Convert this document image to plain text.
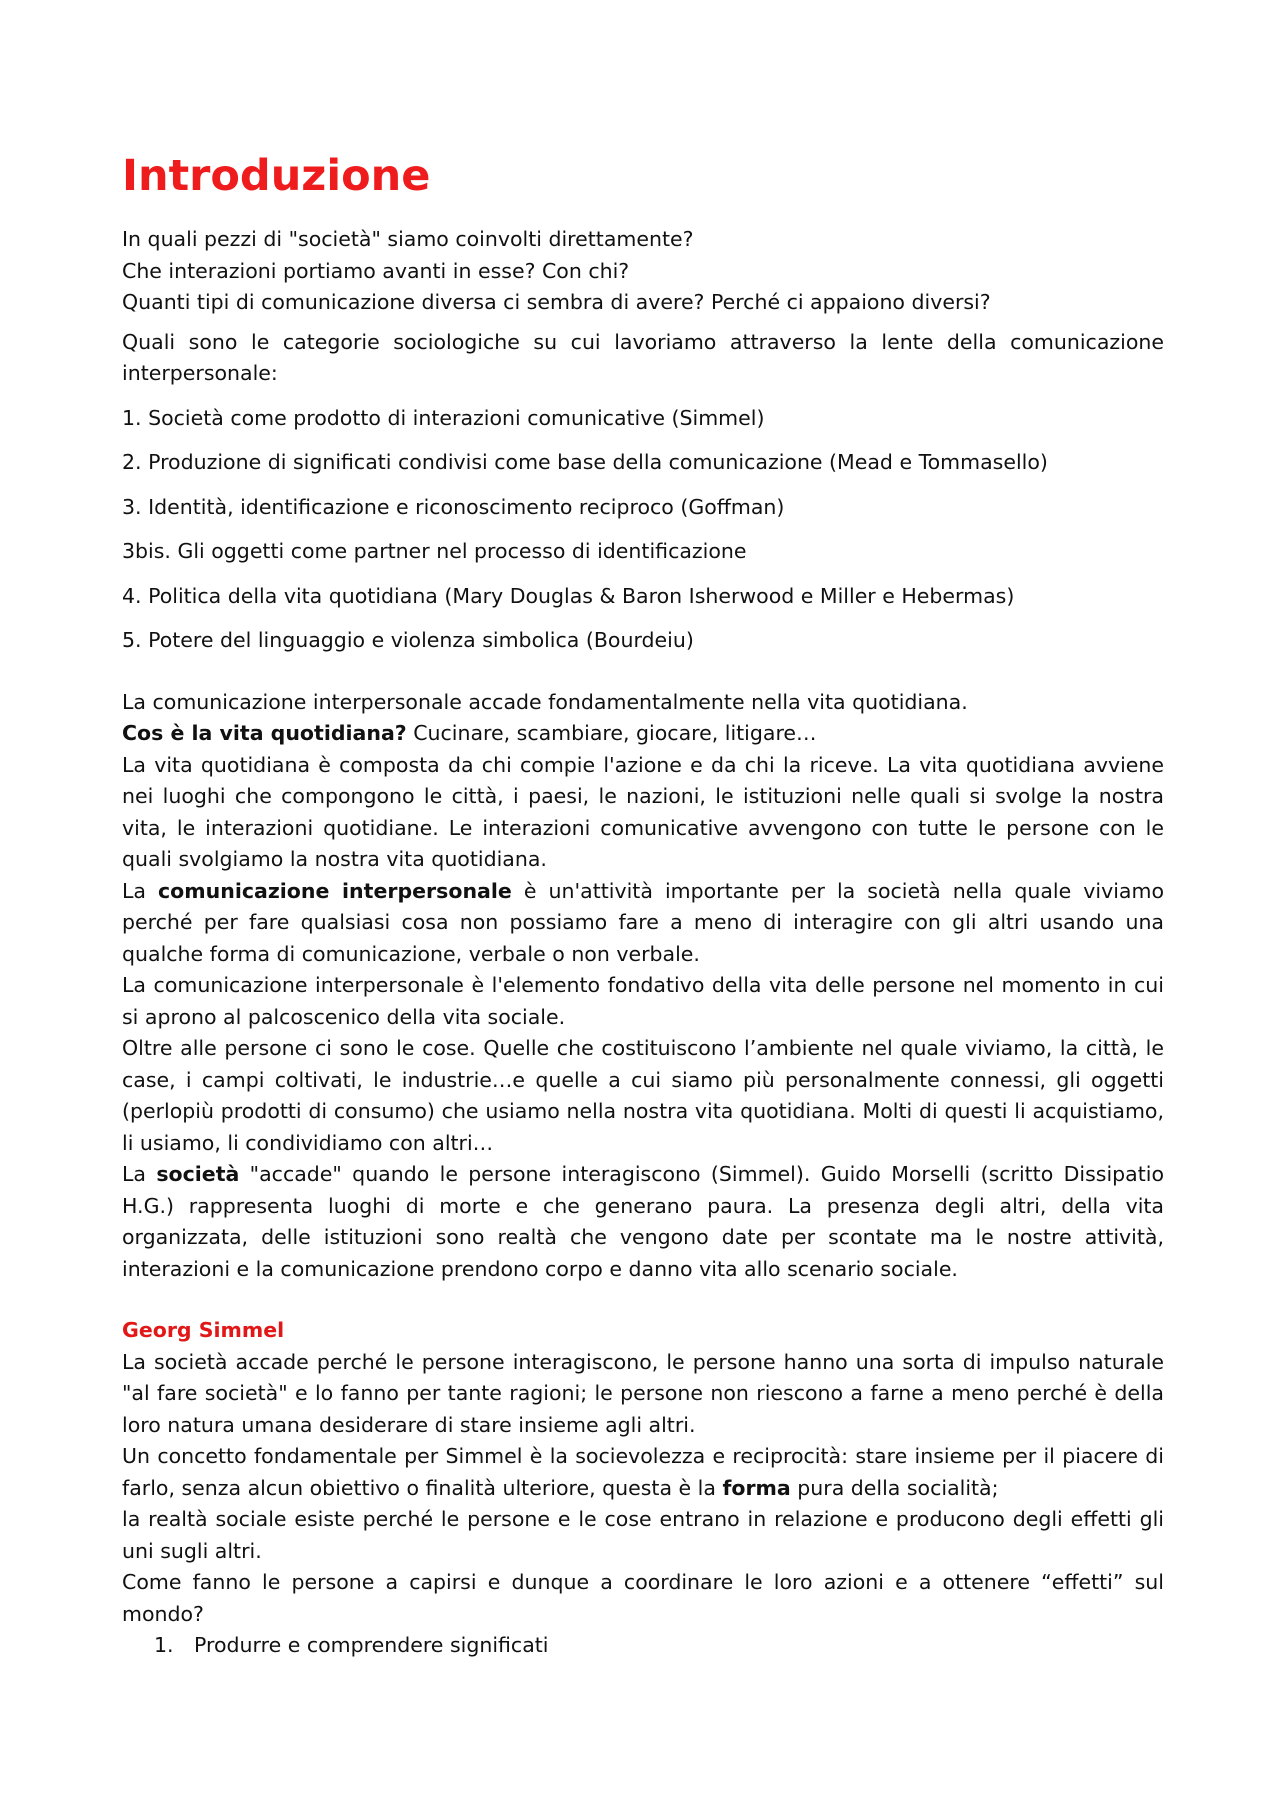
Introduzione

In quali pezzi di "società" siamo coinvolti direttamente?

Che interazioni portiamo avanti in esse? Con chi?

Quanti tipi di comunicazione diversa ci sembra di avere? Perché ci appaiono diversi?

Quali sono le categorie sociologiche su cui lavoriamo attraverso la lente della comunicazione interpersonale:

1. Società come prodotto di interazioni comunicative (Simmel)

2. Produzione di significati condivisi come base della comunicazione (Mead e Tommasello)

3. Identità, identificazione e riconoscimento reciproco (Goffman)

3bis. Gli oggetti come partner nel processo di identificazione

4. Politica della vita quotidiana (Mary Douglas & Baron Isherwood e Miller e Hebermas)

5. Potere del linguaggio e violenza simbolica (Bourdeiu)

La comunicazione interpersonale accade fondamentalmente nella vita quotidiana.

Cos è la vita quotidiana? Cucinare, scambiare, giocare, litigare…

La vita quotidiana è composta da chi compie l'azione e da chi la riceve. La vita quotidiana avviene nei luoghi che compongono le città, i paesi, le nazioni, le istituzioni nelle quali si svolge la nostra vita, le interazioni quotidiane. Le interazioni comunicative avvengono con tutte le persone con le quali svolgiamo la nostra vita quotidiana.

La comunicazione interpersonale è un'attività importante per la società nella quale viviamo perché per fare qualsiasi cosa non possiamo fare a meno di interagire con gli altri usando una qualche forma di comunicazione, verbale o non verbale.

La comunicazione interpersonale è l'elemento fondativo della vita delle persone nel momento in cui si aprono al palcoscenico della vita sociale.

Oltre alle persone ci sono le cose. Quelle che costituiscono l’ambiente nel quale viviamo, la città, le case, i campi coltivati, le industrie…e quelle a cui siamo più personalmente connessi, gli oggetti (perlopiù prodotti di consumo) che usiamo nella nostra vita quotidiana. Molti di questi li acquistiamo, li usiamo, li condividiamo con altri…

La società "accade" quando le persone interagiscono (Simmel). Guido Morselli (scritto Dissipatio H.G.) rappresenta luoghi di morte e che generano paura. La presenza degli altri, della vita organizzata, delle istituzioni sono realtà che vengono date per scontate ma le nostre attività, interazioni e la comunicazione prendono corpo e danno vita allo scenario sociale.

Georg Simmel

La società accade perché le persone interagiscono, le persone hanno una sorta di impulso naturale "al fare società" e lo fanno per tante ragioni; le persone non riescono a farne a meno perché è della loro natura umana desiderare di stare insieme agli altri.

Un concetto fondamentale per Simmel è la socievolezza e reciprocità: stare insieme per il piacere di farlo, senza alcun obiettivo o finalità ulteriore, questa è la forma pura della socialità;

la realtà sociale esiste perché le persone e le cose entrano in relazione e producono degli effetti gli uni sugli altri.

Come fanno le persone a capirsi e dunque a coordinare le loro azioni e a ottenere “effetti” sul mondo?

1. Produrre e comprendere significati
